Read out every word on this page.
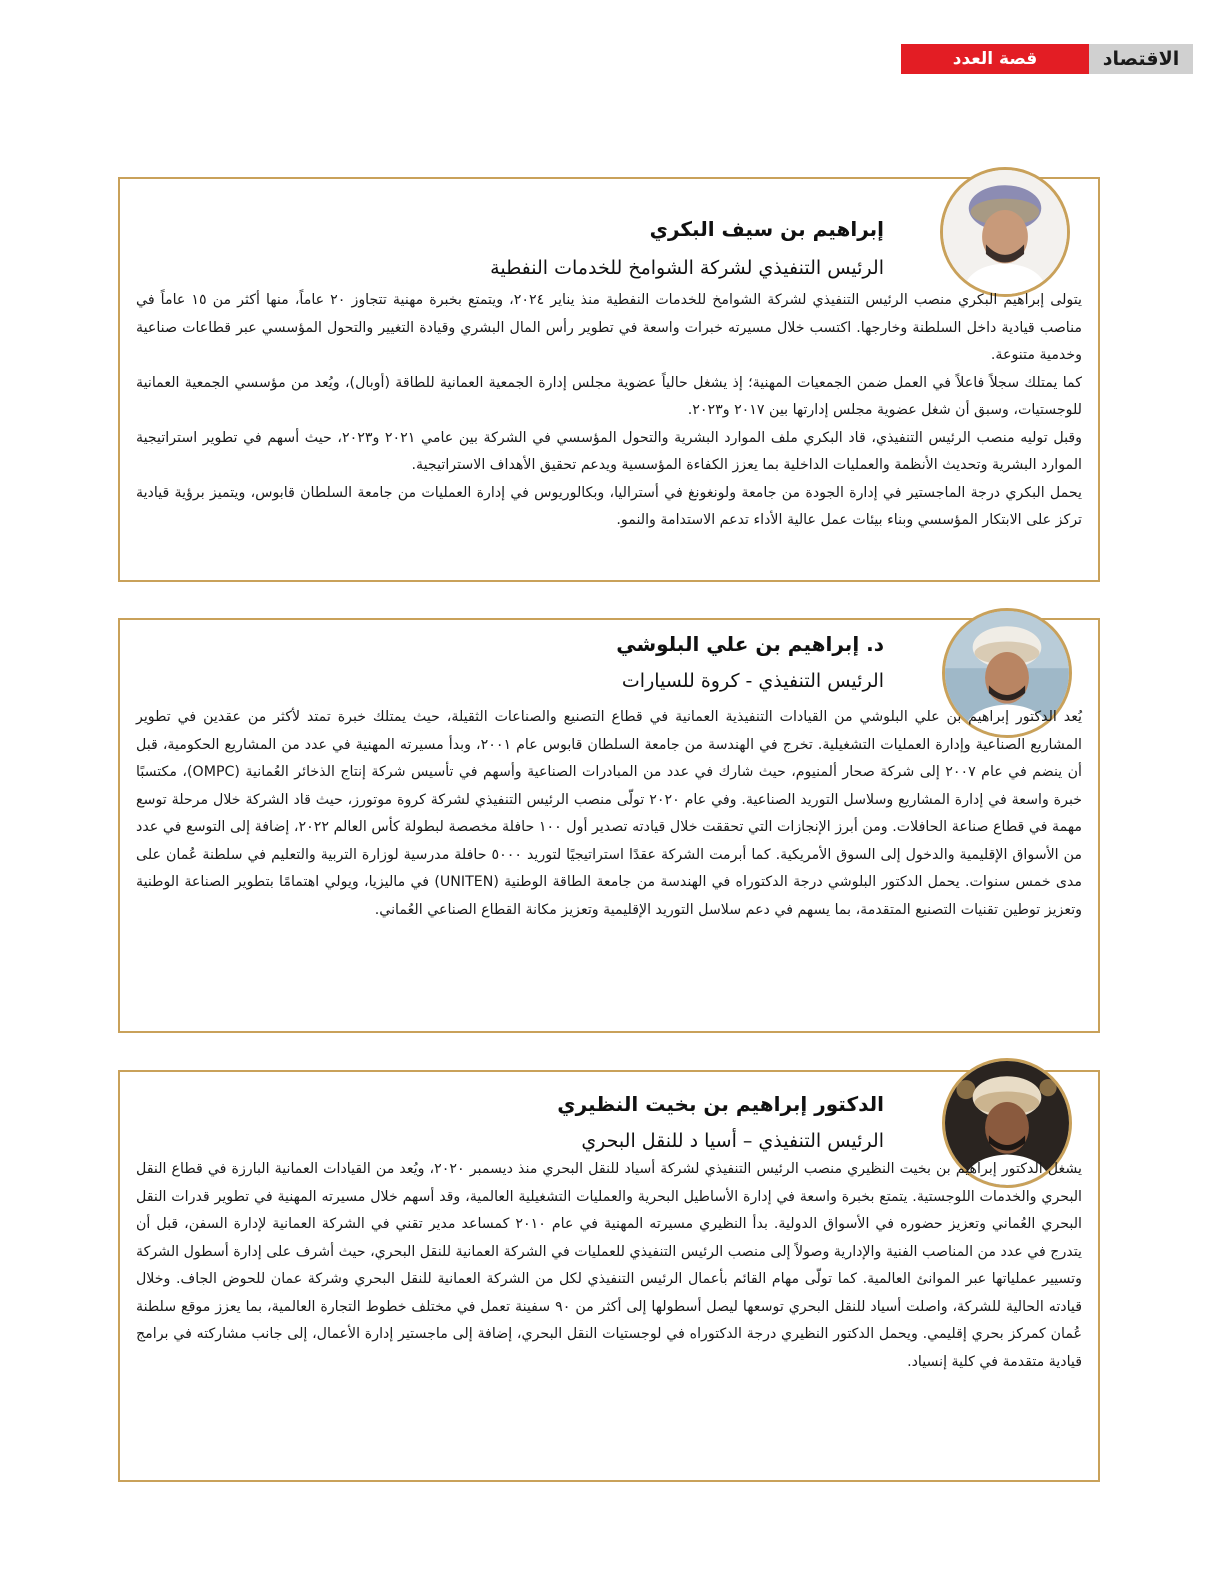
الاقتصاد
قصة العدد
إبراهيم بن سيف البكري
الرئيس التنفيذي لشركة الشوامخ للخدمات النفطية

يتولى إبراهيم البكري منصب الرئيس التنفيذي لشركة الشوامخ للخدمات النفطية منذ يناير ٢٠٢٤، ويتمتع بخبرة مهنية تتجاوز ٢٠ عاماً، منها أكثر من ١٥ عاماً في مناصب قيادية داخل السلطنة وخارجها. اكتسب خلال مسيرته خبرات واسعة في تطوير رأس المال البشري وقيادة التغيير والتحول المؤسسي عبر قطاعات صناعية وخدمية متنوعة.

كما يمتلك سجلاً فاعلاً في العمل ضمن الجمعيات المهنية؛ إذ يشغل حالياً عضوية مجلس إدارة الجمعية العمانية للطاقة (أوبال)، ويُعد من مؤسسي الجمعية العمانية للوجستيات، وسبق أن شغل عضوية مجلس إدارتها بين ٢٠١٧ و٢٠٢٣.

وقبل توليه منصب الرئيس التنفيذي، قاد البكري ملف الموارد البشرية والتحول المؤسسي في الشركة بين عامي ٢٠٢١ و٢٠٢٣، حيث أسهم في تطوير استراتيجية الموارد البشرية وتحديث الأنظمة والعمليات الداخلية بما يعزز الكفاءة المؤسسية ويدعم تحقيق الأهداف الاستراتيجية.

يحمل البكري درجة الماجستير في إدارة الجودة من جامعة ولونغونغ في أستراليا، وبكالوريوس في إدارة العمليات من جامعة السلطان قابوس، ويتميز برؤية قيادية تركز على الابتكار المؤسسي وبناء بيئات عمل عالية الأداء تدعم الاستدامة والنمو.

د. إبراهيم بن علي البلوشي
الرئيس التنفيذي - كروة للسيارات

يُعد الدكتور إبراهيم بن علي البلوشي من القيادات التنفيذية العمانية في قطاع التصنيع والصناعات الثقيلة، حيث يمتلك خبرة تمتد لأكثر من عقدين في تطوير المشاريع الصناعية وإدارة العمليات التشغيلية. تخرج في الهندسة من جامعة السلطان قابوس عام ٢٠٠١، وبدأ مسيرته المهنية في عدد من المشاريع الحكومية، قبل أن ينضم في عام ٢٠٠٧ إلى شركة صحار ألمنيوم، حيث شارك في عدد من المبادرات الصناعية وأسهم في تأسيس شركة إنتاج الذخائر العُمانية (OMPC)، مكتسبًا خبرة واسعة في إدارة المشاريع وسلاسل التوريد الصناعية. وفي عام ٢٠٢٠ تولّى منصب الرئيس التنفيذي لشركة كروة موتورز، حيث قاد الشركة خلال مرحلة توسع مهمة في قطاع صناعة الحافلات. ومن أبرز الإنجازات التي تحققت خلال قيادته تصدير أول ١٠٠ حافلة مخصصة لبطولة كأس العالم ٢٠٢٢، إضافة إلى التوسع في عدد من الأسواق الإقليمية والدخول إلى السوق الأمريكية. كما أبرمت الشركة عقدًا استراتيجيًا لتوريد ٥٠٠٠ حافلة مدرسية لوزارة التربية والتعليم في سلطنة عُمان على مدى خمس سنوات. يحمل الدكتور البلوشي درجة الدكتوراه في الهندسة من جامعة الطاقة الوطنية (UNITEN) في ماليزيا، ويولي اهتمامًا بتطوير الصناعة الوطنية وتعزيز توطين تقنيات التصنيع المتقدمة، بما يسهم في دعم سلاسل التوريد الإقليمية وتعزيز مكانة القطاع الصناعي العُماني.

الدكتور إبراهيم بن بخيت النظيري
الرئيس التنفيذي – أسيا د للنقل البحري

يشغل الدكتور إبراهيم بن بخيت النظيري منصب الرئيس التنفيذي لشركة أسياد للنقل البحري منذ ديسمبر ٢٠٢٠، ويُعد من القيادات العمانية البارزة في قطاع النقل البحري والخدمات اللوجستية. يتمتع بخبرة واسعة في إدارة الأساطيل البحرية والعمليات التشغيلية العالمية، وقد أسهم خلال مسيرته المهنية في تطوير قدرات النقل البحري العُماني وتعزيز حضوره في الأسواق الدولية. بدأ النظيري مسيرته المهنية في عام ٢٠١٠ كمساعد مدير تقني في الشركة العمانية لإدارة السفن، قبل أن يتدرج في عدد من المناصب الفنية والإدارية وصولاً إلى منصب الرئيس التنفيذي للعمليات في الشركة العمانية للنقل البحري، حيث أشرف على إدارة أسطول الشركة وتسيير عملياتها عبر الموانئ العالمية. كما تولّى مهام القائم بأعمال الرئيس التنفيذي لكل من الشركة العمانية للنقل البحري وشركة عمان للحوض الجاف. وخلال قيادته الحالية للشركة، واصلت أسياد للنقل البحري توسعها ليصل أسطولها إلى أكثر من ٩٠ سفينة تعمل في مختلف خطوط التجارة العالمية، بما يعزز موقع سلطنة عُمان كمركز بحري إقليمي. ويحمل الدكتور النظيري درجة الدكتوراه في لوجستيات النقل البحري، إضافة إلى ماجستير إدارة الأعمال، إلى جانب مشاركته في برامج قيادية متقدمة في كلية إنسياد.
